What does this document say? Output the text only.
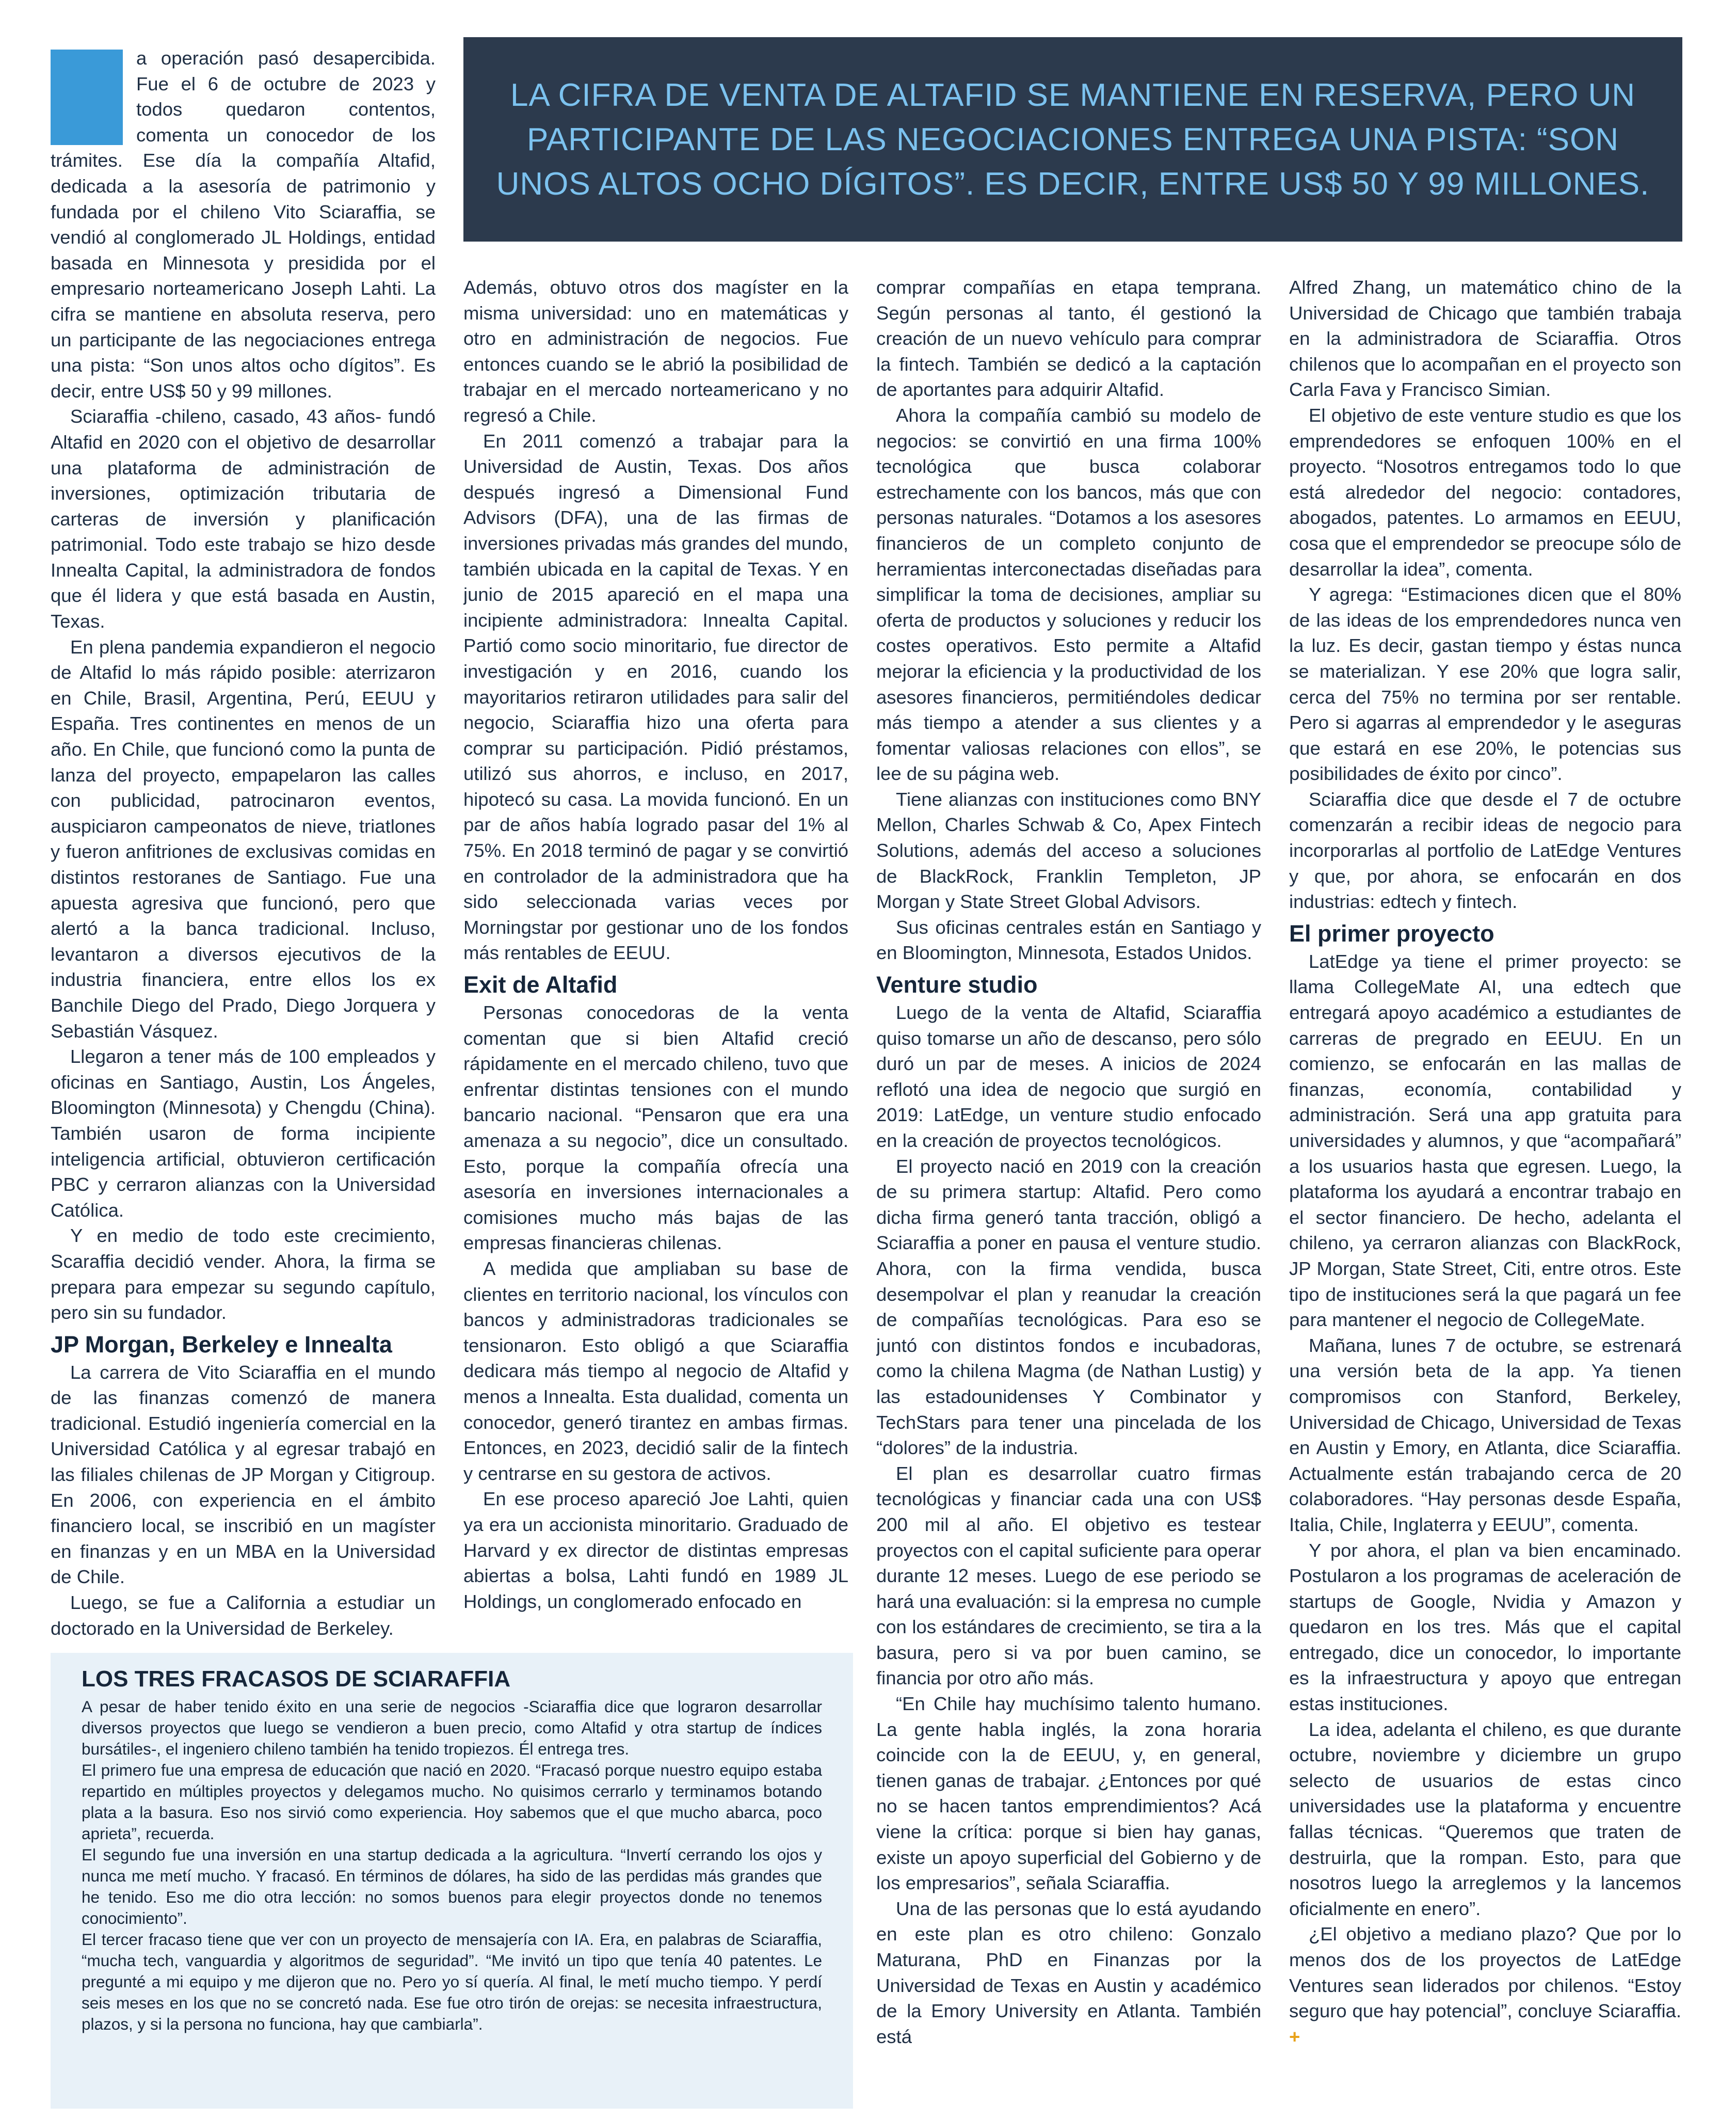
LA CIFRA DE VENTA DE ALTAFID SE MANTIENE EN RESERVA, PERO UN PARTICIPANTE DE LAS NEGOCIACIONES ENTREGA UNA PISTA: “SON UNOS ALTOS OCHO DÍGITOS”. ES DECIR, ENTRE US$ 50 Y 99 MILLONES.

a operación pasó desapercibida. Fue el 6 de octubre de 2023 y todos quedaron contentos, comenta un conocedor de los trámites. Ese día la compañía Altafid, dedicada a la asesoría de patrimonio y fundada por el chileno Vito Sciaraffia, se vendió al conglomerado JL Holdings, entidad basada en Minnesota y presidida por el empresario norteamericano Joseph Lahti. La cifra se mantiene en absoluta reserva, pero un participante de las negociaciones entrega una pista: “Son unos altos ocho dígitos”. Es decir, entre US$ 50 y 99 millones.

Sciaraffia -chileno, casado, 43 años- fundó Altafid en 2020 con el objetivo de desarrollar una plataforma de administración de inversiones, optimización tributaria de carteras de inversión y planificación patrimonial. Todo este trabajo se hizo desde Innealta Capital, la administradora de fondos que él lidera y que está basada en Austin, Texas.

En plena pandemia expandieron el negocio de Altafid lo más rápido posible: aterrizaron en Chile, Brasil, Argentina, Perú, EEUU y España. Tres continentes en menos de un año. En Chile, que funcionó como la punta de lanza del proyecto, empapelaron las calles con publicidad, patrocinaron eventos, auspiciaron campeonatos de nieve, triatlones y fueron anfitriones de exclusivas comidas en distintos restoranes de Santiago. Fue una apuesta agresiva que funcionó, pero que alertó a la banca tradicional. Incluso, levantaron a diversos ejecutivos de la industria financiera, entre ellos los ex Banchile Diego del Prado, Diego Jorquera y Sebastián Vásquez.

Llegaron a tener más de 100 empleados y oficinas en Santiago, Austin, Los Ángeles, Bloomington (Minnesota) y Chengdu (China). También usaron de forma incipiente inteligencia artificial, obtuvieron certificación PBC y cerraron alianzas con la Universidad Católica.

Y en medio de todo este crecimiento, Scaraffia decidió vender. Ahora, la firma se prepara para empezar su segundo capítulo, pero sin su fundador.

JP Morgan, Berkeley e Innealta

La carrera de Vito Sciaraffia en el mundo de las finanzas comenzó de manera tradicional. Estudió ingeniería comercial en la Universidad Católica y al egresar trabajó en las filiales chilenas de JP Morgan y Citigroup. En 2006, con experiencia en el ámbito financiero local, se inscribió en un magíster en finanzas y en un MBA en la Universidad de Chile.

Luego, se fue a California a estudiar un doctorado en la Universidad de Berkeley.

Además, obtuvo otros dos magíster en la misma universidad: uno en matemáticas y otro en administración de negocios. Fue entonces cuando se le abrió la posibilidad de trabajar en el mercado norteamericano y no regresó a Chile.

En 2011 comenzó a trabajar para la Universidad de Austin, Texas. Dos años después ingresó a Dimensional Fund Advisors (DFA), una de las firmas de inversiones privadas más grandes del mundo, también ubicada en la capital de Texas. Y en junio de 2015 apareció en el mapa una incipiente administradora: Innealta Capital. Partió como socio minoritario, fue director de investigación y en 2016, cuando los mayoritarios retiraron utilidades para salir del negocio, Sciaraffia hizo una oferta para comprar su participación. Pidió préstamos, utilizó sus ahorros, e incluso, en 2017, hipotecó su casa. La movida funcionó. En un par de años había logrado pasar del 1% al 75%. En 2018 terminó de pagar y se convirtió en controlador de la administradora que ha sido seleccionada varias veces por Morningstar por gestionar uno de los fondos más rentables de EEUU.

Exit de Altafid

Personas conocedoras de la venta comentan que si bien Altafid creció rápidamente en el mercado chileno, tuvo que enfrentar distintas tensiones con el mundo bancario nacional. “Pensaron que era una amenaza a su negocio”, dice un consultado. Esto, porque la compañía ofrecía una asesoría en inversiones internacionales a comisiones mucho más bajas de las empresas financieras chilenas.

A medida que ampliaban su base de clientes en territorio nacional, los vínculos con bancos y administradoras tradicionales se tensionaron. Esto obligó a que Sciaraffia dedicara más tiempo al negocio de Altafid y menos a Innealta. Esta dualidad, comenta un conocedor, generó tirantez en ambas firmas. Entonces, en 2023, decidió salir de la fintech y centrarse en su gestora de activos.

En ese proceso apareció Joe Lahti, quien ya era un accionista minoritario. Graduado de Harvard y ex director de distintas empresas abiertas a bolsa, Lahti fundó en 1989 JL Holdings, un conglomerado enfocado en

comprar compañías en etapa temprana. Según personas al tanto, él gestionó la creación de un nuevo vehículo para comprar la fintech. También se dedicó a la captación de aportantes para adquirir Altafid.

Ahora la compañía cambió su modelo de negocios: se convirtió en una firma 100% tecnológica que busca colaborar estrechamente con los bancos, más que con personas naturales. “Dotamos a los asesores financieros de un completo conjunto de herramientas interconectadas diseñadas para simplificar la toma de decisiones, ampliar su oferta de productos y soluciones y reducir los costes operativos. Esto permite a Altafid mejorar la eficiencia y la productividad de los asesores financieros, permitiéndoles dedicar más tiempo a atender a sus clientes y a fomentar valiosas relaciones con ellos”, se lee de su página web.

Tiene alianzas con instituciones como BNY Mellon, Charles Schwab & Co, Apex Fintech Solutions, además del acceso a soluciones de BlackRock, Franklin Templeton, JP Morgan y State Street Global Advisors.

Sus oficinas centrales están en Santiago y en Bloomington, Minnesota, Estados Unidos.

Venture studio

Luego de la venta de Altafid, Sciaraffia quiso tomarse un año de descanso, pero sólo duró un par de meses. A inicios de 2024 reflotó una idea de negocio que surgió en 2019: LatEdge, un venture studio enfocado en la creación de proyectos tecnológicos.

El proyecto nació en 2019 con la creación de su primera startup: Altafid. Pero como dicha firma generó tanta tracción, obligó a Sciaraffia a poner en pausa el venture studio. Ahora, con la firma vendida, busca desempolvar el plan y reanudar la creación de compañías tecnológicas. Para eso se juntó con distintos fondos e incubadoras, como la chilena Magma (de Nathan Lustig) y las estadounidenses Y Combinator y TechStars para tener una pincelada de los “dolores” de la industria.

El plan es desarrollar cuatro firmas tecnológicas y financiar cada una con US$ 200 mil al año. El objetivo es testear proyectos con el capital suficiente para operar durante 12 meses. Luego de ese periodo se hará una evaluación: si la empresa no cumple con los estándares de crecimiento, se tira a la basura, pero si va por buen camino, se financia por otro año más.

“En Chile hay muchísimo talento humano. La gente habla inglés, la zona horaria coincide con la de EEUU, y, en general, tienen ganas de trabajar. ¿Entonces por qué no se hacen tantos emprendimientos? Acá viene la crítica: porque si bien hay ganas, existe un apoyo superficial del Gobierno y de los empresarios”, señala Sciaraffia.

Una de las personas que lo está ayudando en este plan es otro chileno: Gonzalo Maturana, PhD en Finanzas por la Universidad de Texas en Austin y académico de la Emory University en Atlanta. También está

Alfred Zhang, un matemático chino de la Universidad de Chicago que también trabaja en la administradora de Sciaraffia. Otros chilenos que lo acompañan en el proyecto son Carla Fava y Francisco Simian.

El objetivo de este venture studio es que los emprendedores se enfoquen 100% en el proyecto. “Nosotros entregamos todo lo que está alrededor del negocio: contadores, abogados, patentes. Lo armamos en EEUU, cosa que el emprendedor se preocupe sólo de desarrollar la idea”, comenta.

Y agrega: “Estimaciones dicen que el 80% de las ideas de los emprendedores nunca ven la luz. Es decir, gastan tiempo y éstas nunca se materializan. Y ese 20% que logra salir, cerca del 75% no termina por ser rentable. Pero si agarras al emprendedor y le aseguras que estará en ese 20%, le potencias sus posibilidades de éxito por cinco”.

Sciaraffia dice que desde el 7 de octubre comenzarán a recibir ideas de negocio para incorporarlas al portfolio de LatEdge Ventures y que, por ahora, se enfocarán en dos industrias: edtech y fintech.

El primer proyecto

LatEdge ya tiene el primer proyecto: se llama CollegeMate AI, una edtech que entregará apoyo académico a estudiantes de carreras de pregrado en EEUU. En un comienzo, se enfocarán en las mallas de finanzas, economía, contabilidad y administración. Será una app gratuita para universidades y alumnos, y que “acompañará” a los usuarios hasta que egresen. Luego, la plataforma los ayudará a encontrar trabajo en el sector financiero. De hecho, adelanta el chileno, ya cerraron alianzas con BlackRock, JP Morgan, State Street, Citi, entre otros. Este tipo de instituciones será la que pagará un fee para mantener el negocio de CollegeMate.

Mañana, lunes 7 de octubre, se estrenará una versión beta de la app. Ya tienen compromisos con Stanford, Berkeley, Universidad de Chicago, Universidad de Texas en Austin y Emory, en Atlanta, dice Sciaraffia. Actualmente están trabajando cerca de 20 colaboradores. “Hay personas desde España, Italia, Chile, Inglaterra y EEUU”, comenta.

Y por ahora, el plan va bien encaminado. Postularon a los programas de aceleración de startups de Google, Nvidia y Amazon y quedaron en los tres. Más que el capital entregado, dice un conocedor, lo importante es la infraestructura y apoyo que entregan estas instituciones.

La idea, adelanta el chileno, es que durante octubre, noviembre y diciembre un grupo selecto de usuarios de estas cinco universidades use la plataforma y encuentre fallas técnicas. “Queremos que traten de destruirla, que la rompan. Esto, para que nosotros luego la arreglemos y la lancemos oficialmente en enero”.

¿El objetivo a mediano plazo? Que por lo menos dos de los proyectos de LatEdge Ventures sean liderados por chilenos. “Estoy seguro que hay potencial”, concluye Sciaraffia. +

LOS TRES FRACASOS DE SCIARAFFIA

A pesar de haber tenido éxito en una serie de negocios -Sciaraffia dice que lograron desarrollar diversos proyectos que luego se vendieron a buen precio, como Altafid y otra startup de índices bursátiles-, el ingeniero chileno también ha tenido tropiezos. Él entrega tres.

El primero fue una empresa de educación que nació en 2020. “Fracasó porque nuestro equipo estaba repartido en múltiples proyectos y delegamos mucho. No quisimos cerrarlo y terminamos botando plata a la basura. Eso nos sirvió como experiencia. Hoy sabemos que el que mucho abarca, poco aprieta”, recuerda.

El segundo fue una inversión en una startup dedicada a la agricultura. “Invertí cerrando los ojos y nunca me metí mucho. Y fracasó. En términos de dólares, ha sido de las perdidas más grandes que he tenido. Eso me dio otra lección: no somos buenos para elegir proyectos donde no tenemos conocimiento”.

El tercer fracaso tiene que ver con un proyecto de mensajería con IA. Era, en palabras de Sciaraffia, “mucha tech, vanguardia y algoritmos de seguridad”. “Me invitó un tipo que tenía 40 patentes. Le pregunté a mi equipo y me dijeron que no. Pero yo sí quería. Al final, le metí mucho tiempo. Y perdí seis meses en los que no se concretó nada. Ese fue otro tirón de orejas: se necesita infraestructura, plazos, y si la persona no funciona, hay que cambiarla”.
